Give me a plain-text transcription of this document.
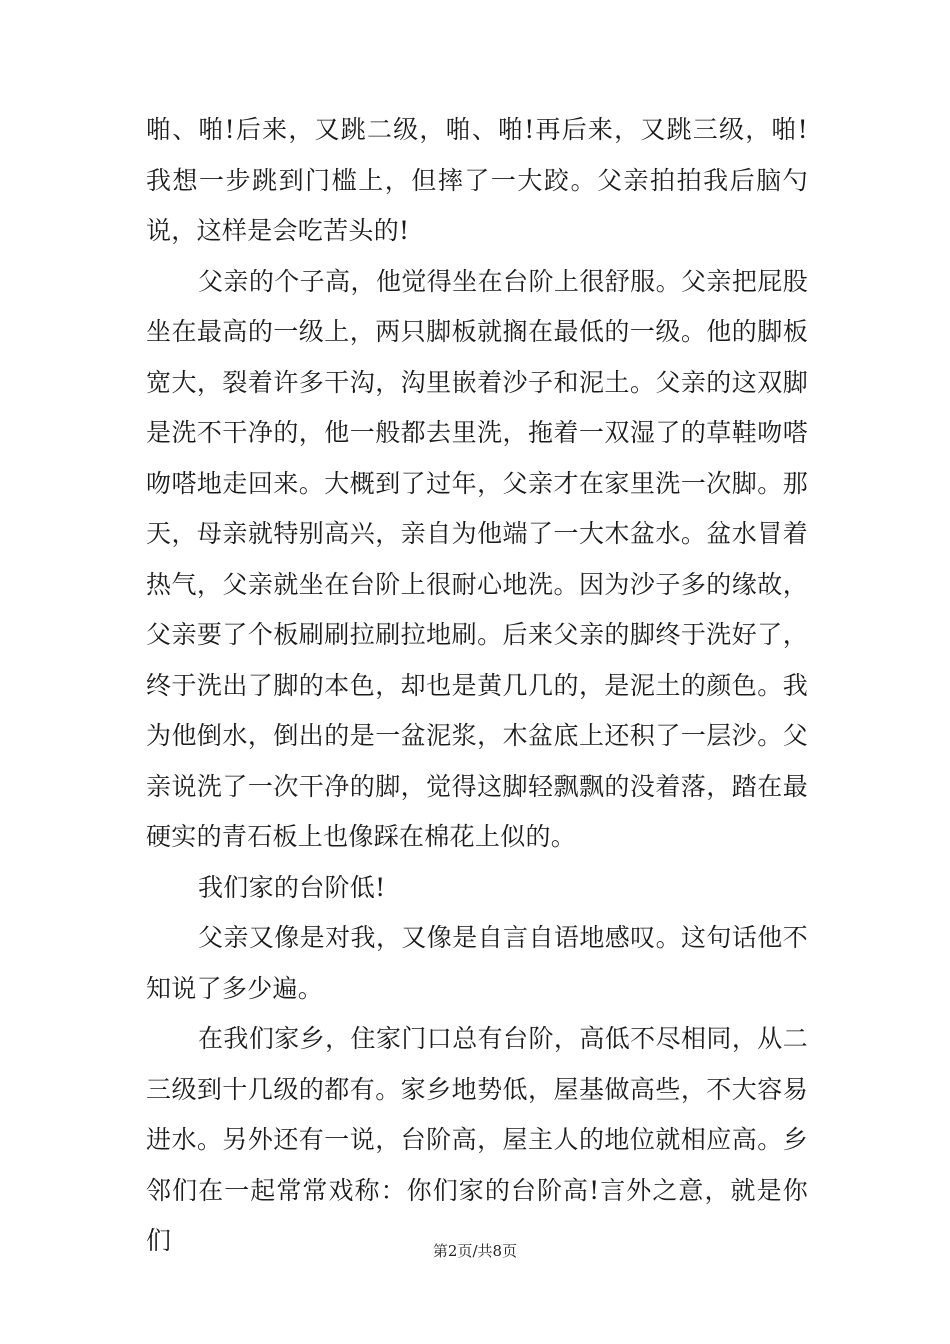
啪、啪!后来，又跳二级，啪、啪!再后来，又跳三级，啪!我想一步跳到门槛上，但摔了一大跤。父亲拍拍我后脑勺说，这样是会吃苦头的!

父亲的个子高，他觉得坐在台阶上很舒服。父亲把屁股坐在最高的一级上，两只脚板就搁在最低的一级。他的脚板宽大，裂着许多干沟，沟里嵌着沙子和泥土。父亲的这双脚是洗不干净的，他一般都去里洗，拖着一双湿了的草鞋吻嗒吻嗒地走回来。大概到了过年，父亲才在家里洗一次脚。那天，母亲就特别高兴，亲自为他端了一大木盆水。盆水冒着热气，父亲就坐在台阶上很耐心地洗。因为沙子多的缘故，父亲要了个板刷刷拉刷拉地刷。后来父亲的脚终于洗好了，终于洗出了脚的本色，却也是黄几几的，是泥土的颜色。我为他倒水，倒出的是一盆泥浆，木盆底上还积了一层沙。父亲说洗了一次干净的脚，觉得这脚轻飘飘的没着落，踏在最硬实的青石板上也像踩在棉花上似的。

我们家的台阶低!

父亲又像是对我，又像是自言自语地感叹。这句话他不知说了多少遍。

在我们家乡，住家门口总有台阶，高低不尽相同，从二三级到十几级的都有。家乡地势低，屋基做高些，不大容易进水。另外还有一说，台阶高，屋主人的地位就相应高。乡邻们在一起常常戏称：你们家的台阶高!言外之意，就是你们	第2页/共8页
